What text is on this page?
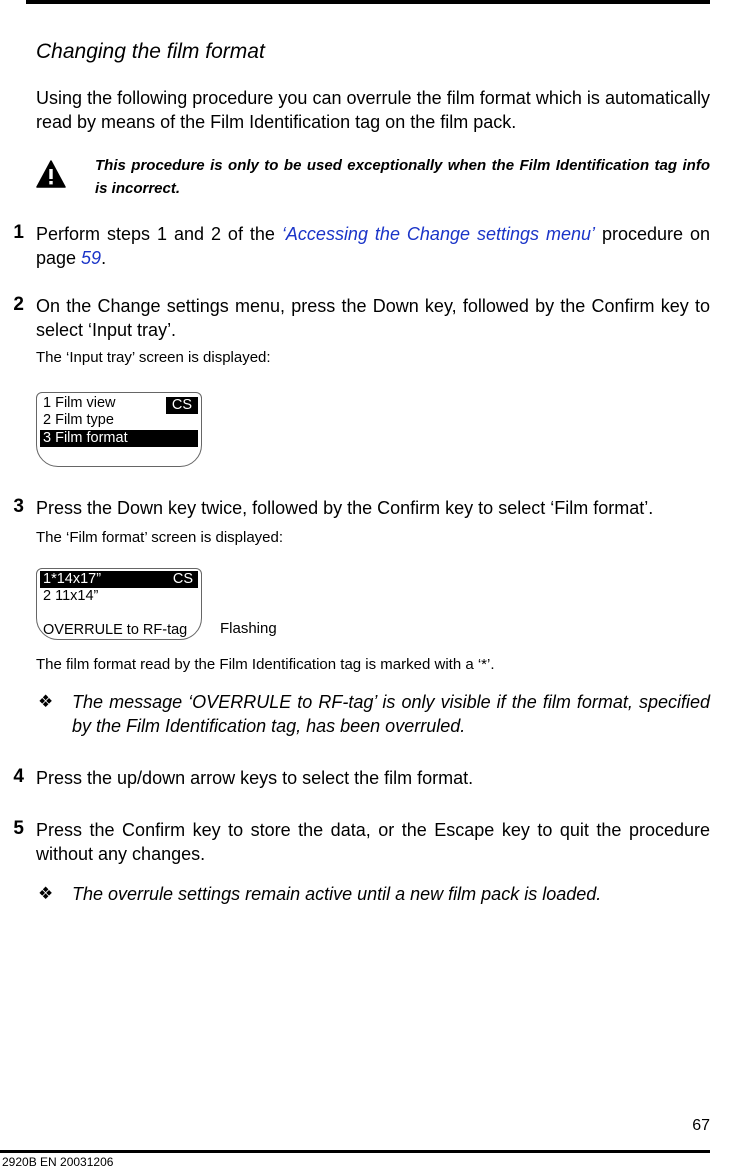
Changing the film format
Using the following procedure you can overrule the film format which is automatically read by means of the Film Identification tag on the film pack.
This procedure is only to be used exceptionally when the Film Identification tag info is incorrect.
1 Perform steps 1 and 2 of the ‘Accessing the Change settings menu’ procedure on page 59.
2 On the Change settings menu, press the Down key, followed by the Confirm key to select ‘Input tray’.
The ‘Input tray’ screen is displayed:
1 Film view	CS
2 Film type
3 Film format
3 Press the Down key twice, followed by the Confirm key to select ‘Film format’.
The ‘Film format’ screen is displayed:
1*14x17”	CS
2 11x14”
OVERRULE to RF-tag Flashing
The film format read by the Film Identification tag is marked with a ‘*’.
❖ The message ‘OVERRULE to RF-tag’ is only visible if the film format, specified by the Film Identification tag, has been overruled.
4 Press the up/down arrow keys to select the film format.
5 Press the Confirm key to store the data, or the Escape key to quit the procedure without any changes.
❖ The overrule settings remain active until a new film pack is loaded.
67
2920B EN 20031206
